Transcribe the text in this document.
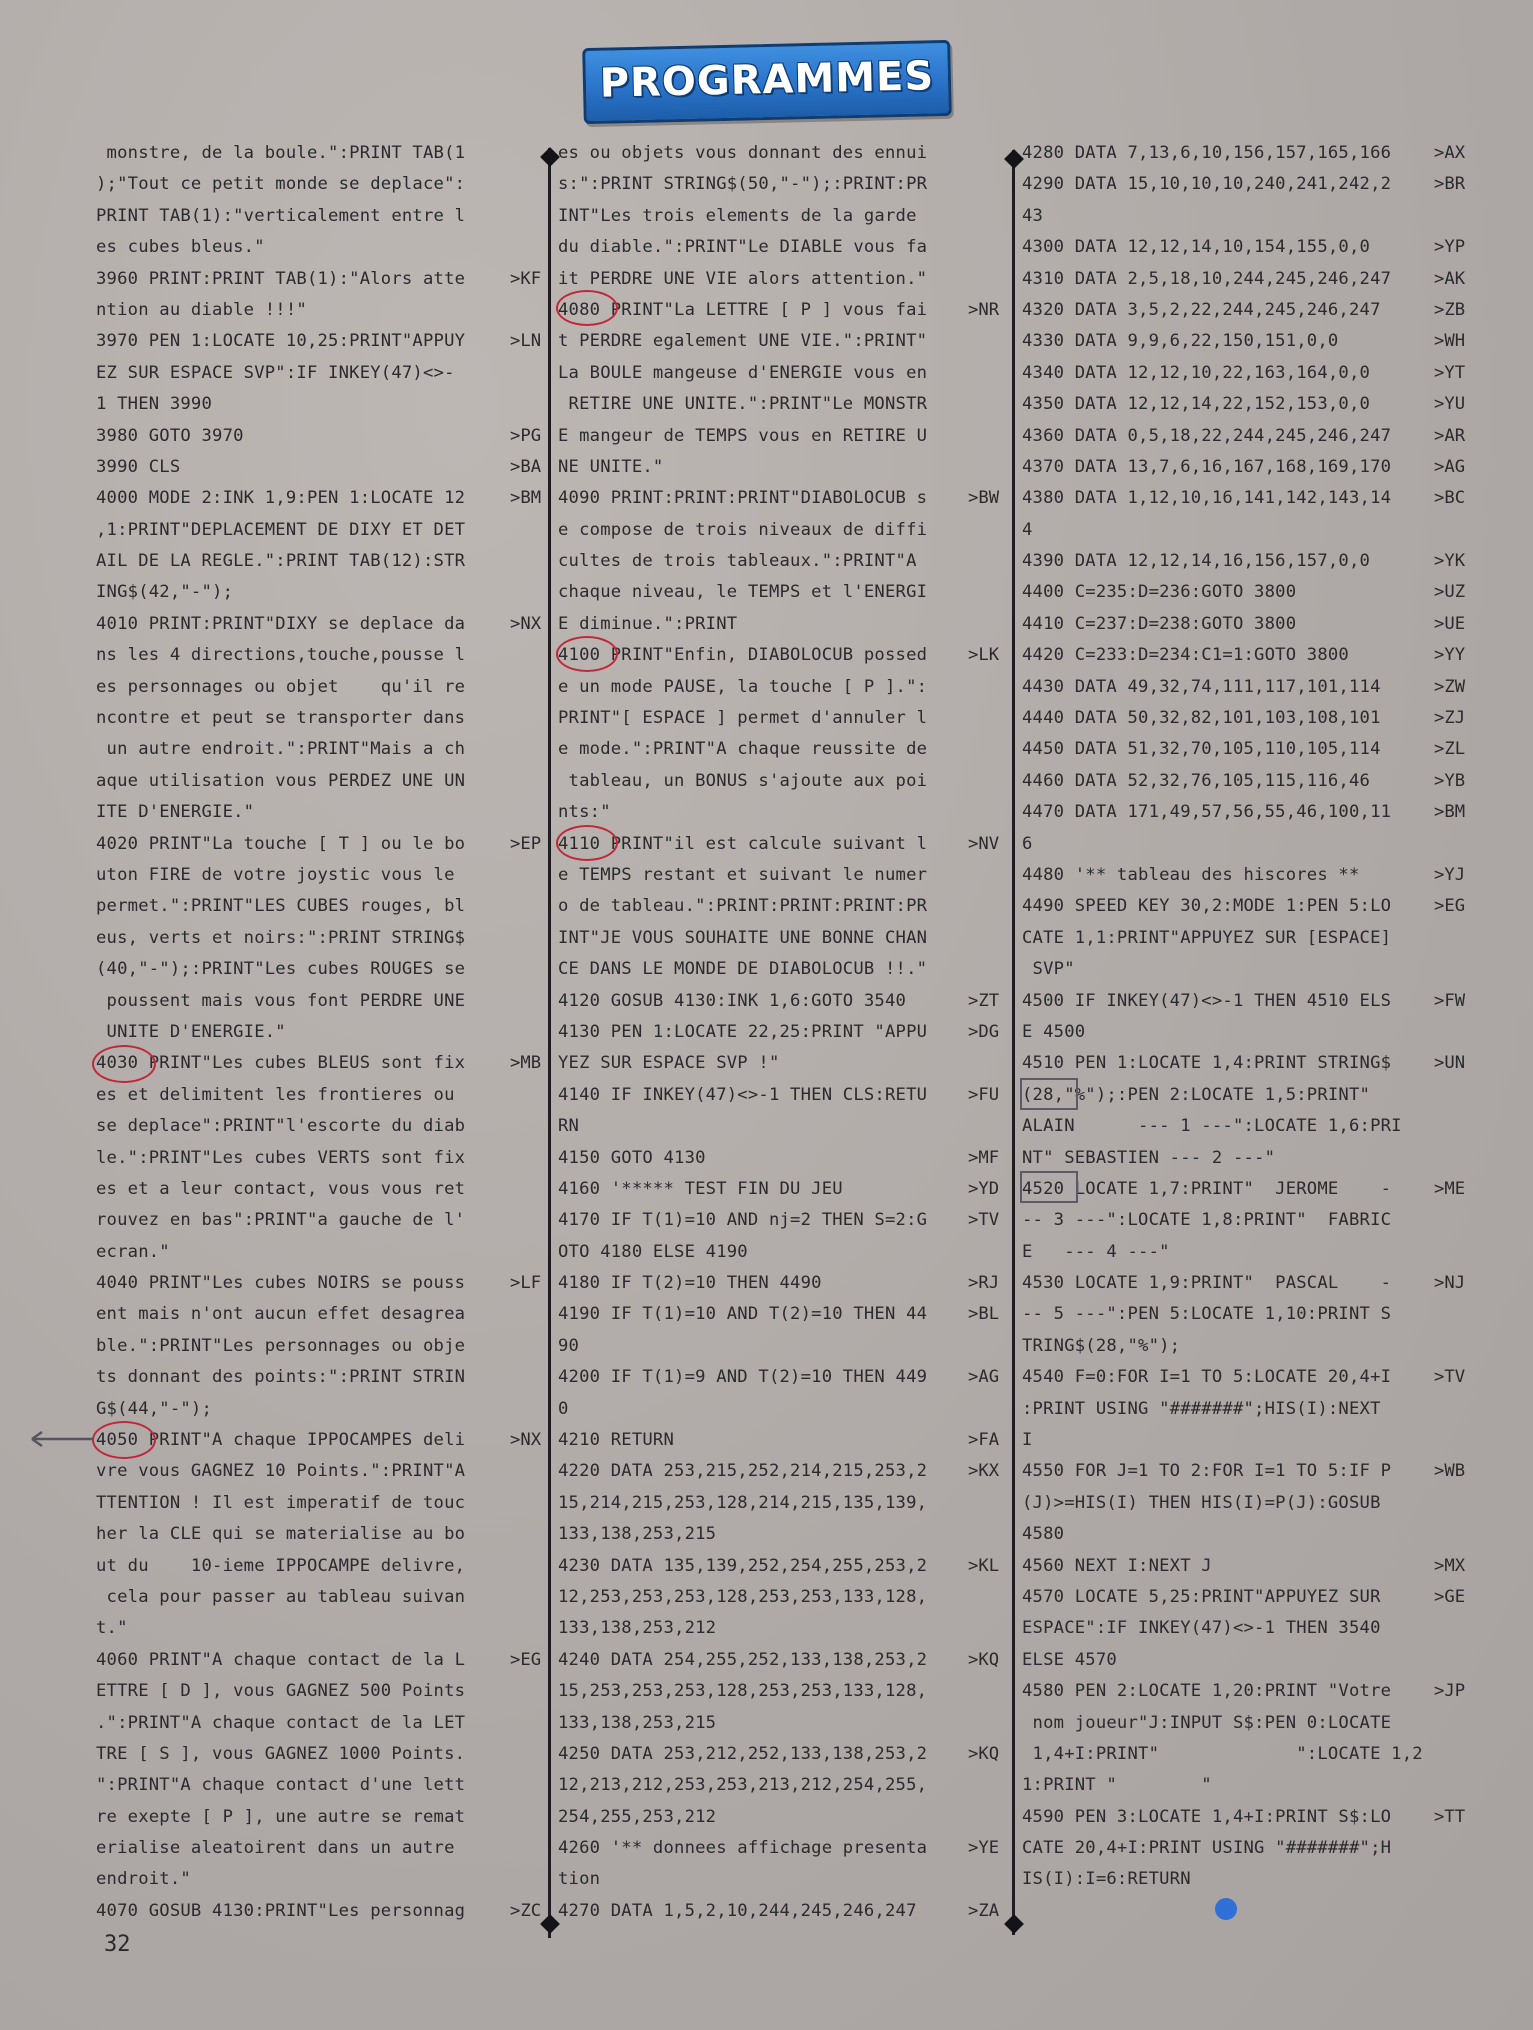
PROGRAMMES
monstre, de la boule.":PRINT TAB(1
);"Tout ce petit monde se deplace":
PRINT TAB(1):"verticalement entre l
es cubes bleus."
3960 PRINT:PRINT TAB(1):"Alors atte	>KF
ntion au diable !!!"
3970 PEN 1:LOCATE 10,25:PRINT"APPUY	>LN
EZ SUR ESPACE SVP":IF INKEY(47)<>-
1 THEN 3990
3980 GOTO 3970	>PG
3990 CLS	>BA
4000 MODE 2:INK 1,9:PEN 1:LOCATE 12	>BM
,1:PRINT"DEPLACEMENT DE DIXY ET DET
AIL DE LA REGLE.":PRINT TAB(12):STR
ING$(42,"-");
4010 PRINT:PRINT"DIXY se deplace da	>NX
ns les 4 directions,touche,pousse l
es personnages ou objet    qu'il re
ncontre et peut se transporter dans
un autre endroit.":PRINT"Mais a ch
aque utilisation vous PERDEZ UNE UN
ITE D'ENERGIE."
4020 PRINT"La touche [ T ] ou le bo	>EP
uton FIRE de votre joystic vous le
permet.":PRINT"LES CUBES rouges, bl
eus, verts et noirs:":PRINT STRING$
(40,"-");:PRINT"Les cubes ROUGES se
poussent mais vous font PERDRE UNE
UNITE D'ENERGIE."
4030 PRINT"Les cubes BLEUS sont fix	>MB
es et delimitent les frontieres ou
se deplace":PRINT"l'escorte du diab
le.":PRINT"Les cubes VERTS sont fix
es et a leur contact, vous vous ret
rouvez en bas":PRINT"a gauche de l'
ecran."
4040 PRINT"Les cubes NOIRS se pouss	>LF
ent mais n'ont aucun effet desagrea
ble.":PRINT"Les personnages ou obje
ts donnant des points:":PRINT STRIN
G$(44,"-");
4050 PRINT"A chaque IPPOCAMPES deli	>NX
vre vous GAGNEZ 10 Points.":PRINT"A
TTENTION ! Il est imperatif de touc
her la CLE qui se materialise au bo
ut du    10-ieme IPPOCAMPE delivre,
cela pour passer au tableau suivan
t."
4060 PRINT"A chaque contact de la L	>EG
ETTRE [ D ], vous GAGNEZ 500 Points
.":PRINT"A chaque contact de la LET
TRE [ S ], vous GAGNEZ 1000 Points.
":PRINT"A chaque contact d'une lett
re exepte [ P ], une autre se remat
erialise aleatoirent dans un autre
endroit."
4070 GOSUB 4130:PRINT"Les personnag	>ZC
es ou objets vous donnant des ennui
s:":PRINT STRING$(50,"-");:PRINT:PR
INT"Les trois elements de la garde
du diable.":PRINT"Le DIABLE vous fa
it PERDRE UNE VIE alors attention."
4080 PRINT"La LETTRE [ P ] vous fai >NR
t PERDRE egalement UNE VIE.":PRINT"
La BOULE mangeuse d'ENERGIE vous en
RETIRE UNE UNITE.":PRINT"Le MONSTR
E mangeur de TEMPS vous en RETIRE U
NE UNITE."
4090 PRINT:PRINT:PRINT"DIABOLOCUB s >BW
e compose de trois niveaux de diffi
cultes de trois tableaux.":PRINT"A
chaque niveau, le TEMPS et l'ENERGI
E diminue.":PRINT
4100 PRINT"Enfin, DIABOLOCUB possed >LK
e un mode PAUSE, la touche [ P ].":
PRINT"[ ESPACE ] permet d'annuler l
e mode.":PRINT"A chaque reussite de
tableau, un BONUS s'ajoute aux poi
nts:"
4110 PRINT"il est calcule suivant l >NV
e TEMPS restant et suivant le numer
o de tableau.":PRINT:PRINT:PRINT:PR
INT"JE VOUS SOUHAITE UNE BONNE CHAN
CE DANS LE MONDE DE DIABOLOCUB !!."
4120 GOSUB 4130:INK 1,6:GOTO 3540	>ZT
4130 PEN 1:LOCATE 22,25:PRINT "APPU >DG
YEZ SUR ESPACE SVP !"
4140 IF INKEY(47)<>-1 THEN CLS:RETU >FU
RN
4150 GOTO 4130	>MF
4160 '***** TEST FIN DU JEU	>YD
4170 IF T(1)=10 AND nj=2 THEN S=2:G >TV
OTO 4180 ELSE 4190
4180 IF T(2)=10 THEN 4490	>RJ
4190 IF T(1)=10 AND T(2)=10 THEN 44 >BL
90
4200 IF T(1)=9 AND T(2)=10 THEN 449 >AG
0
4210 RETURN	>FA
4220 DATA 253,215,252,214,215,253,2 >KX
15,214,215,253,128,214,215,135,139,
133,138,253,215
4230 DATA 135,139,252,254,255,253,2 >KL
12,253,253,253,128,253,253,133,128,
133,138,253,212
4240 DATA 254,255,252,133,138,253,2 >KQ
15,253,253,253,128,253,253,133,128,
133,138,253,215
4250 DATA 253,212,252,133,138,253,2 >KQ
12,213,212,253,253,213,212,254,255,
254,255,253,212
4260 '** donnees affichage presenta >YE
tion
4270 DATA 1,5,2,10,244,245,246,247	>ZA
4280 DATA 7,13,6,10,156,157,165,166 >AX
4290 DATA 15,10,10,10,240,241,242,2 >BR
43
4300 DATA 12,12,14,10,154,155,0,0	>YP
4310 DATA 2,5,18,10,244,245,246,247 >AK
4320 DATA 3,5,2,22,244,245,246,247	>ZB
4330 DATA 9,9,6,22,150,151,0,0	>WH
4340 DATA 12,12,10,22,163,164,0,0	>YT
4350 DATA 12,12,14,22,152,153,0,0	>YU
4360 DATA 0,5,18,22,244,245,246,247 >AR
4370 DATA 13,7,6,16,167,168,169,170 >AG
4380 DATA 1,12,10,16,141,142,143,14 >BC
4
4390 DATA 12,12,14,16,156,157,0,0	>YK
4400 C=235:D=236:GOTO 3800	>UZ
4410 C=237:D=238:GOTO 3800	>UE
4420 C=233:D=234:C1=1:GOTO 3800	>YY
4430 DATA 49,32,74,111,117,101,114	>ZW
4440 DATA 50,32,82,101,103,108,101	>ZJ
4450 DATA 51,32,70,105,110,105,114	>ZL
4460 DATA 52,32,76,105,115,116,46	>YB
4470 DATA 171,49,57,56,55,46,100,11 >BM
6
4480 '** tableau des hiscores **	>YJ
4490 SPEED KEY 30,2:MODE 1:PEN 5:LO >EG
CATE 1,1:PRINT"APPUYEZ SUR [ESPACE]
SVP"
4500 IF INKEY(47)<>-1 THEN 4510 ELS >FW
E 4500
4510 PEN 1:LOCATE 1,4:PRINT STRING$ >UN
(28,"%");:PEN 2:LOCATE 1,5:PRINT"
ALAIN      --- 1 ---":LOCATE 1,6:PRI
NT" SEBASTIEN --- 2 ---"
4520 LOCATE 1,7:PRINT"  JEROME    - >ME
-- 3 ---":LOCATE 1,8:PRINT"  FABRIC
E   --- 4 ---"
4530 LOCATE 1,9:PRINT"  PASCAL    - >NJ
-- 5 ---":PEN 5:LOCATE 1,10:PRINT S
TRING$(28,"%");
4540 F=0:FOR I=1 TO 5:LOCATE 20,4+I >TV
:PRINT USING "#######";HIS(I):NEXT
I
4550 FOR J=1 TO 2:FOR I=1 TO 5:IF P >WB
(J)>=HIS(I) THEN HIS(I)=P(J):GOSUB
4580
4560 NEXT I:NEXT J	>MX
4570 LOCATE 5,25:PRINT"APPUYEZ SUR	>GE
ESPACE":IF INKEY(47)<>-1 THEN 3540
ELSE 4570
4580 PEN 2:LOCATE 1,20:PRINT "Votre >JP
nom joueur"J:INPUT S$:PEN 0:LOCATE
1,4+I:PRINT"             ":LOCATE 1,2
1:PRINT "        "
4590 PEN 3:LOCATE 1,4+I:PRINT S$:LO >TT
CATE 20,4+I:PRINT USING "#######";H
IS(I):I=6:RETURN
32
